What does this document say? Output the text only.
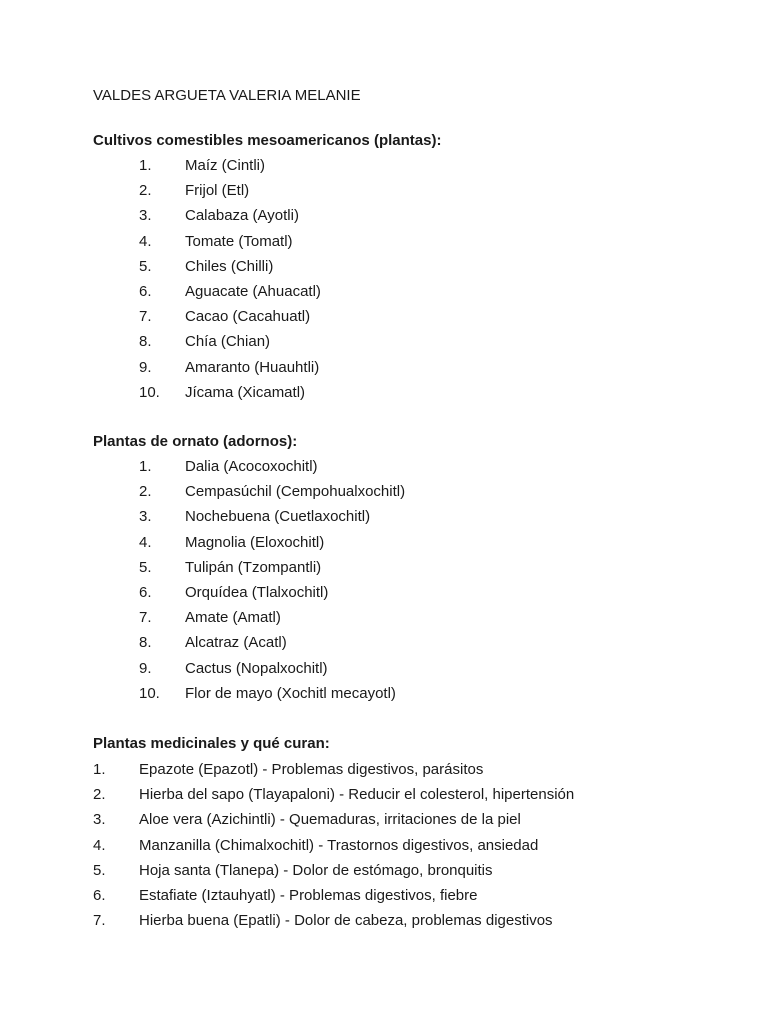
VALDES ARGUETA VALERIA MELANIE
Cultivos comestibles mesoamericanos (plantas):
1. Maíz (Cintli)
2. Frijol (Etl)
3. Calabaza (Ayotli)
4. Tomate (Tomatl)
5. Chiles (Chilli)
6. Aguacate (Ahuacatl)
7. Cacao (Cacahuatl)
8. Chía (Chian)
9. Amaranto (Huauhtli)
10. Jícama (Xicamatl)
Plantas de ornato (adornos):
1. Dalia (Acocoxochitl)
2. Cempasúchil (Cempohualxochitl)
3. Nochebuena (Cuetlaxochitl)
4. Magnolia (Eloxochitl)
5. Tulipán (Tzompantli)
6. Orquídea (Tlalxochitl)
7. Amate (Amatl)
8. Alcatraz (Acatl)
9. Cactus (Nopalxochitl)
10. Flor de mayo (Xochitl mecayotl)
Plantas medicinales y qué curan:
1. Epazote (Epazotl) - Problemas digestivos, parásitos
2. Hierba del sapo (Tlayapaloni) - Reducir el colesterol, hipertensión
3. Aloe vera (Azichintli) - Quemaduras, irritaciones de la piel
4. Manzanilla (Chimalxochitl) - Trastornos digestivos, ansiedad
5. Hoja santa (Tlanepa) - Dolor de estómago, bronquitis
6. Estafiate (Iztauhyatl) - Problemas digestivos, fiebre
7. Hierba buena (Epatli) - Dolor de cabeza, problemas digestivos
